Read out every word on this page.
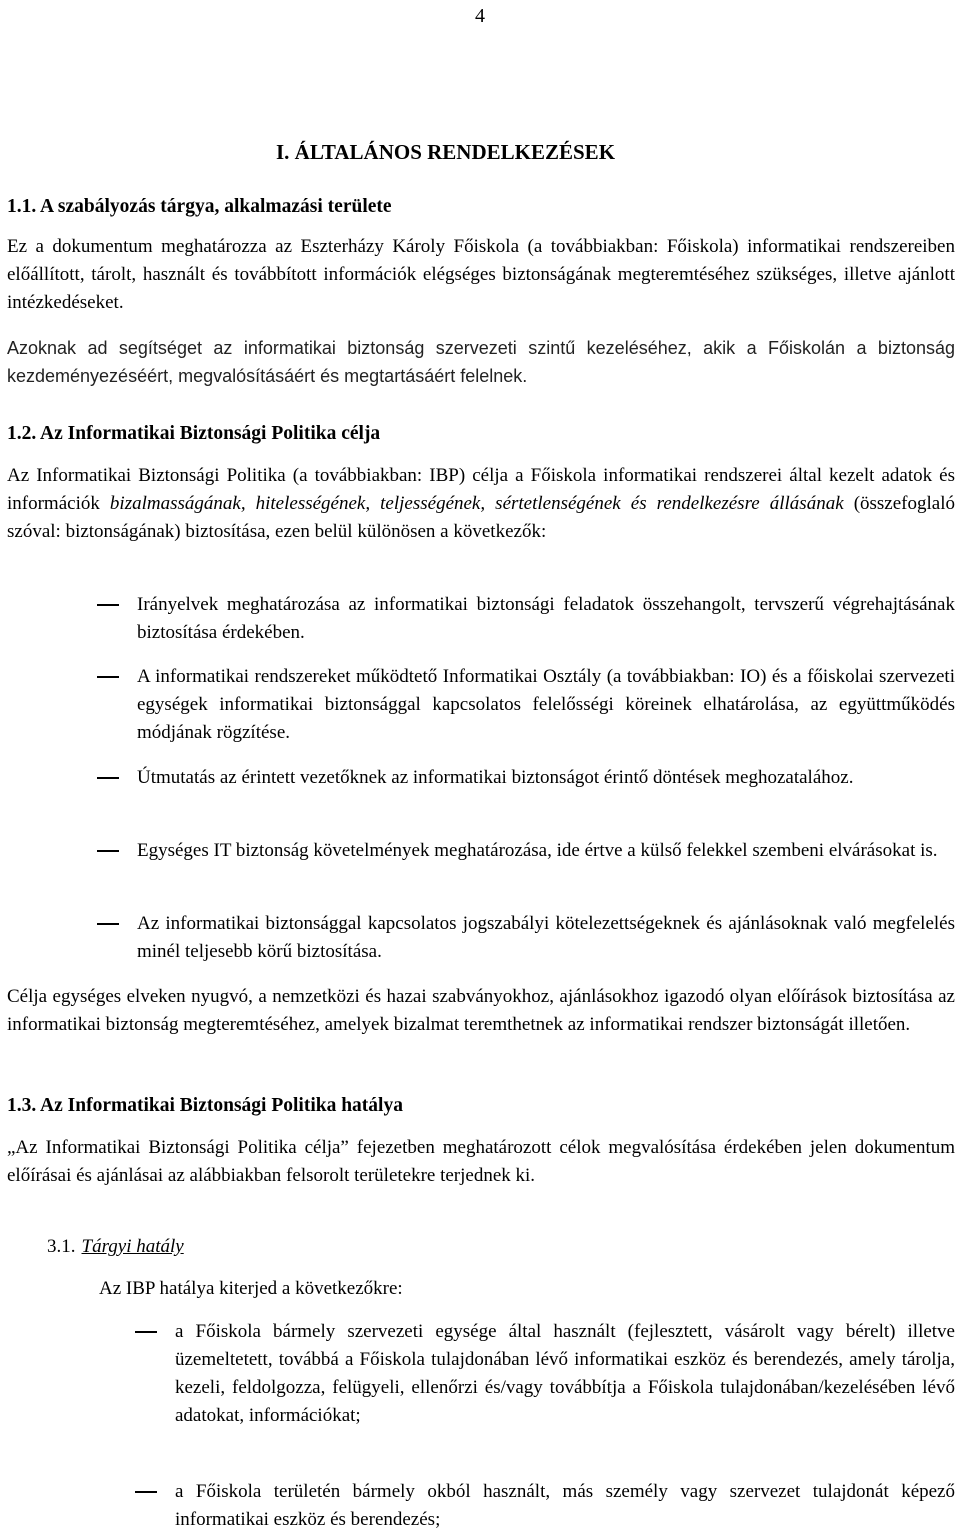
4
I. ÁLTALÁNOS RENDELKEZÉSEK
1.1. A szabályozás tárgya, alkalmazási területe
Ez a dokumentum meghatározza az Eszterházy Károly Főiskola (a továbbiakban: Főiskola) informatikai rendszereiben előállított, tárolt, használt és továbbított információk elégséges biztonságának megteremtéséhez szükséges, illetve ajánlott intézkedéseket.
Azoknak ad segítséget az informatikai biztonság szervezeti szintű kezeléséhez, akik a Főiskolán a biztonság kezdeményezéséért, megvalósításáért és megtartásáért felelnek.
1.2. Az Informatikai Biztonsági Politika célja
Az Informatikai Biztonsági Politika (a továbbiakban: IBP) célja a Főiskola informatikai rendszerei által kezelt adatok és információk bizalmasságának, hitelességének, teljességének, sértetlenségének és rendelkezésre állásának (összefoglaló szóval: biztonságának) biztosítása, ezen belül különösen a következők:
Irányelvek meghatározása az informatikai biztonsági feladatok összehangolt, tervszerű végrehajtásának biztosítása érdekében.
A informatikai rendszereket működtető Informatikai Osztály (a továbbiakban: IO) és a főiskolai szervezeti egységek informatikai biztonsággal kapcsolatos felelősségi köreinek elhatárolása, az együttműködés módjának rögzítése.
Útmutatás az érintett vezetőknek az informatikai biztonságot érintő döntések meghozatalához.
Egységes IT biztonság követelmények meghatározása, ide értve a külső felekkel szembeni elvárásokat is.
Az informatikai biztonsággal kapcsolatos jogszabályi kötelezettségeknek és ajánlásoknak való megfelelés minél teljesebb körű biztosítása.
Célja egységes elveken nyugvó, a nemzetközi és hazai szabványokhoz, ajánlásokhoz igazodó olyan előírások biztosítása az informatikai biztonság megteremtéséhez, amelyek bizalmat teremthetnek az informatikai rendszer biztonságát illetően.
1.3. Az Informatikai Biztonsági Politika hatálya
„Az Informatikai Biztonsági Politika célja” fejezetben meghatározott célok megvalósítása érdekében jelen dokumentum előírásai és ajánlásai az alábbiakban felsorolt területekre terjednek ki.
3.1. Tárgyi hatály
Az IBP hatálya kiterjed a következőkre:
a Főiskola bármely szervezeti egysége által használt (fejlesztett, vásárolt vagy bérelt) illetve üzemeltetett, továbbá a Főiskola tulajdonában lévő informatikai eszköz és berendezés, amely tárolja, kezeli, feldolgozza, felügyeli, ellenőrzi és/vagy továbbítja a Főiskola tulajdonában/kezelésében lévő adatokat, információkat;
a Főiskola területén bármely okból használt, más személy vagy szervezet tulajdonát képező informatikai eszköz és berendezés;
